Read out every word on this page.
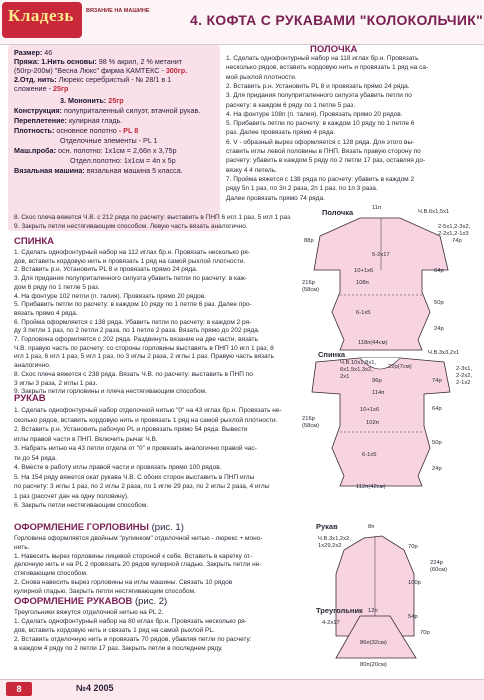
Кладезь ВЯЗАНИЕ НА МАШИНЕ
4. КОФТА С РУКАВАМИ "КОЛОКОЛЬЧИК"
Размер: 46
Пряжа: 1.Нить основы: 98 % акрил, 2 % метанит
(50гр-200м) "Весна Люкс" фирма КАМТЕКС - 300гр.
2.Отд. нить: Люрекс серебристый - № 28/1 в 1
сложение - 25гр
3. Мононить: 25гр
Конструкция: полуприталенный силуэт, втачной рукав.
Переплетение: кулирная гладь.
Плотность: основное полотно - PL 8
Отделочные элементы - PL 1
Маш.проба: осн. полотно: 1х1см = 2,66п х 3,75р
Отдел.полотно: 1х1см = 4п х 5р
Вязальная машина: вязальная машина 5 класса.
ПОЛОЧКА
1. Сделать однофонтурный набор на 118 иглах бр.н. Провязать
несколько рядов, вставить кордовую нить и провязать 1 ряд на са-
мой рыхлой плотности.
2. Вставить р.н. Установить PL 8 и провязать прямо 24 ряда.
3. Для придания полуприталенного силуэта убавить петли по
расчету: в каждом 6 ряду по 1 петле 5 раз.
4. На фонтуре 108п (п. талия). Провязать прямо 20 рядов.
5. Прибавить петли по расчету: в каждом 10 ряду по 1 петле 6
раз. Далее провязать прямо 4 ряда.
6. V - образный вырез оформляется с 128 ряда. Для этого вы-
ставить иглы левой половины в ПНП. Вязать правую сторону по
расчету: убавить в каждом 5 ряду по 2 петли 17 раз, оставляя до-
вязку 4 4 петель.
7. Пройма вяжется с 138 ряда по расчету: убавить в каждом 2
ряду 5п 1 раз, по 3п 2 раза, 2п 1 раз, по 1п 3 раза.
Далее провязать прямо 74 ряда.
8. Скос плеча вяжется Ч.В. с 212 ряда по расчету: выставить в ПНП 6 игл 1 раз, 5 игл 1 раз.
9. Закрыть петли нестягивающим способом. Левую часть вязать аналогично.
СПИНКА
1. Сделать однофонтурный набор на 112 иглах бр.н. Провязать несколько ря-
дов, вставить кордовую нить и провязать 1 ряд на самой рыхлой плотности.
2. Вставить р.н. Установить PL 8 и провязать прямо 24 ряда.
3. Для придания полуприталенного силуэта убавить петли по расчету: в каж-
дом 6 ряду по 1 петле 5 раз.
4. На фонтуре 102 петли (п. талия). Провязать прямо 20 рядов.
5. Прибавить петли по расчету: в каждом 10 ряду по 1 петле 6 раз. Далее про-
вязать прямо 4 ряда.
6. Пройма оформляется с 138 ряда. Убавить петли по расчету: в каждом 2 ря-
ду 3 петли 1 раз, по 2 петли 2 раза, по 1 петле 2 раза. Вязать прямо до 202 ряда.
7. Горловина оформляется с 202 ряда. Раздвинуть вязание на две части, вязать
Ч.В. правую часть по расчету: со стороны горловины выставить в ПНП 10 игл 1 раз, 8
игл 1 раз, 6 игл 1 раз, 5 игл 1 раз, по 3 иглы 2 раза, 2 иглы 1 раз. Правую часть вязать
аналогично.
8. Скос плеча вяжется с 238 ряда. Вязать Ч.В. по расчету: выставить в ПНП по
3 иглы 3 раза, 2 иглы 1 раз.
9. Закрыть петли горловины и плеча нестягивающим способом.
РУКАВ
1. Сделать однофонтурный набор отделочной нитью "0" на 43 иглах бр.н. Провязать не-
сколько рядов, вставить кордовую нить и провязать 1 ряд на самой рыхлой плотности.
2. Вставить р.н. Установить рабочую PL и провязать прямо 54 ряда. Вывести
иглы правой части в ПНП. Включить рычаг Ч.В.
3. Набрать нитью на 43 петли отдела от "0" и провязать аналогично правой час-
ти до 54 ряда.
4. Вместе в работу иглы правой части и провязать прямо 100 рядов.
5. На 154 ряду вяжется окат рукава Ч.В. С обоих сторон выставить в ПНП иглы
по расчету: 3 иглы 1 раз, по 2 иглы 2 раза, по 1 игле 29 раз, по 2 иглы 2 раза, 4 иглы
1 раз (рассчет дан на одну половину).
6. Закрыть петли нестягивающим способом.
ОФОРМЛЕНИЕ ГОРЛОВИНЫ (рис. 1)
Горловина оформляется двойным "рулинком" отделочной нитью - люрекс + моно-
нить.
1. Навесить вырез горловины лицевой стороной к себе. Вставить в каретку от-
делочную нить и на PL 2 провязать 20 рядов кулирной гладью. Закрыть петли не-
стягивающим способом.
2. Снова навесить вырез горловины на иглы машины. Связать 10 рядов
кулирной гладью. Закрыть петли нестягивающим способом.
ОФОРМЛЕНИЕ РУКАВОВ (рис. 2)
Треугольники вяжутся отделочной нитью на PL 2.
1. Сделать однофонтурный набор на 80 иглах бр.н. Провязать несколько ря-
дов, вставить кордовую нить и связать 1 ряд на самой рыхлой PL.
2. Вставить отделочную нить и провязать 70 рядов, убавляя петли по расчету:
в каждом 4 ряду по 2 петли 17 раз. Закрыть петли в последнем ряду.
Полочка
Спинка
Рукав
Треугольник
11п
Ч.В.6х1,5х1
74р
88р
2-5х1,2-3х2,
2-2х1,2-1х3
5-2х17
10+1х6
108п
6-1х5
216р
(58см)
64р
50р
24р
118п(44см)
Ч.В.3х3,2х1
Ч.В.10х1,8х1,
6х1,5х1,3х2,
2х1
22р(7см)
96р	74р
2-3х1,
2-2х2,
2-1х2
114п
10+1х6
102п
6-1х5
216р
(58см)
64р
50р
24р
112п(42см)
8п
Ч.В.3х1,2х2,
1х29,2х2	70р
224р
(60см)
100р
54р
86п(32см)
12п
4-2х17
70р
80п(20см)
8	№4 2005
